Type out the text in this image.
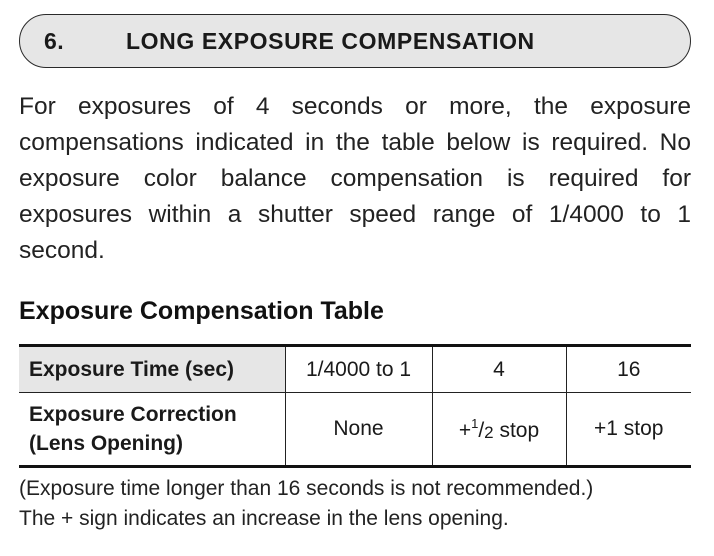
6.	LONG EXPOSURE COMPENSATION

For exposures of 4 seconds or more, the exposure compensations indicated in the table below is required. No exposure color balance compensation is required for exposures within a shutter speed range of 1/4000 to 1 second.

Exposure Compensation Table
Exposure Time (sec)	1/4000 to 1	4	16

Exposure Correction
(Lens Opening)	None	+$^1$/2 stop	+1 stop
(Exposure time longer than 16 seconds is not recommended.)
The + sign indicates an increase in the lens opening.
